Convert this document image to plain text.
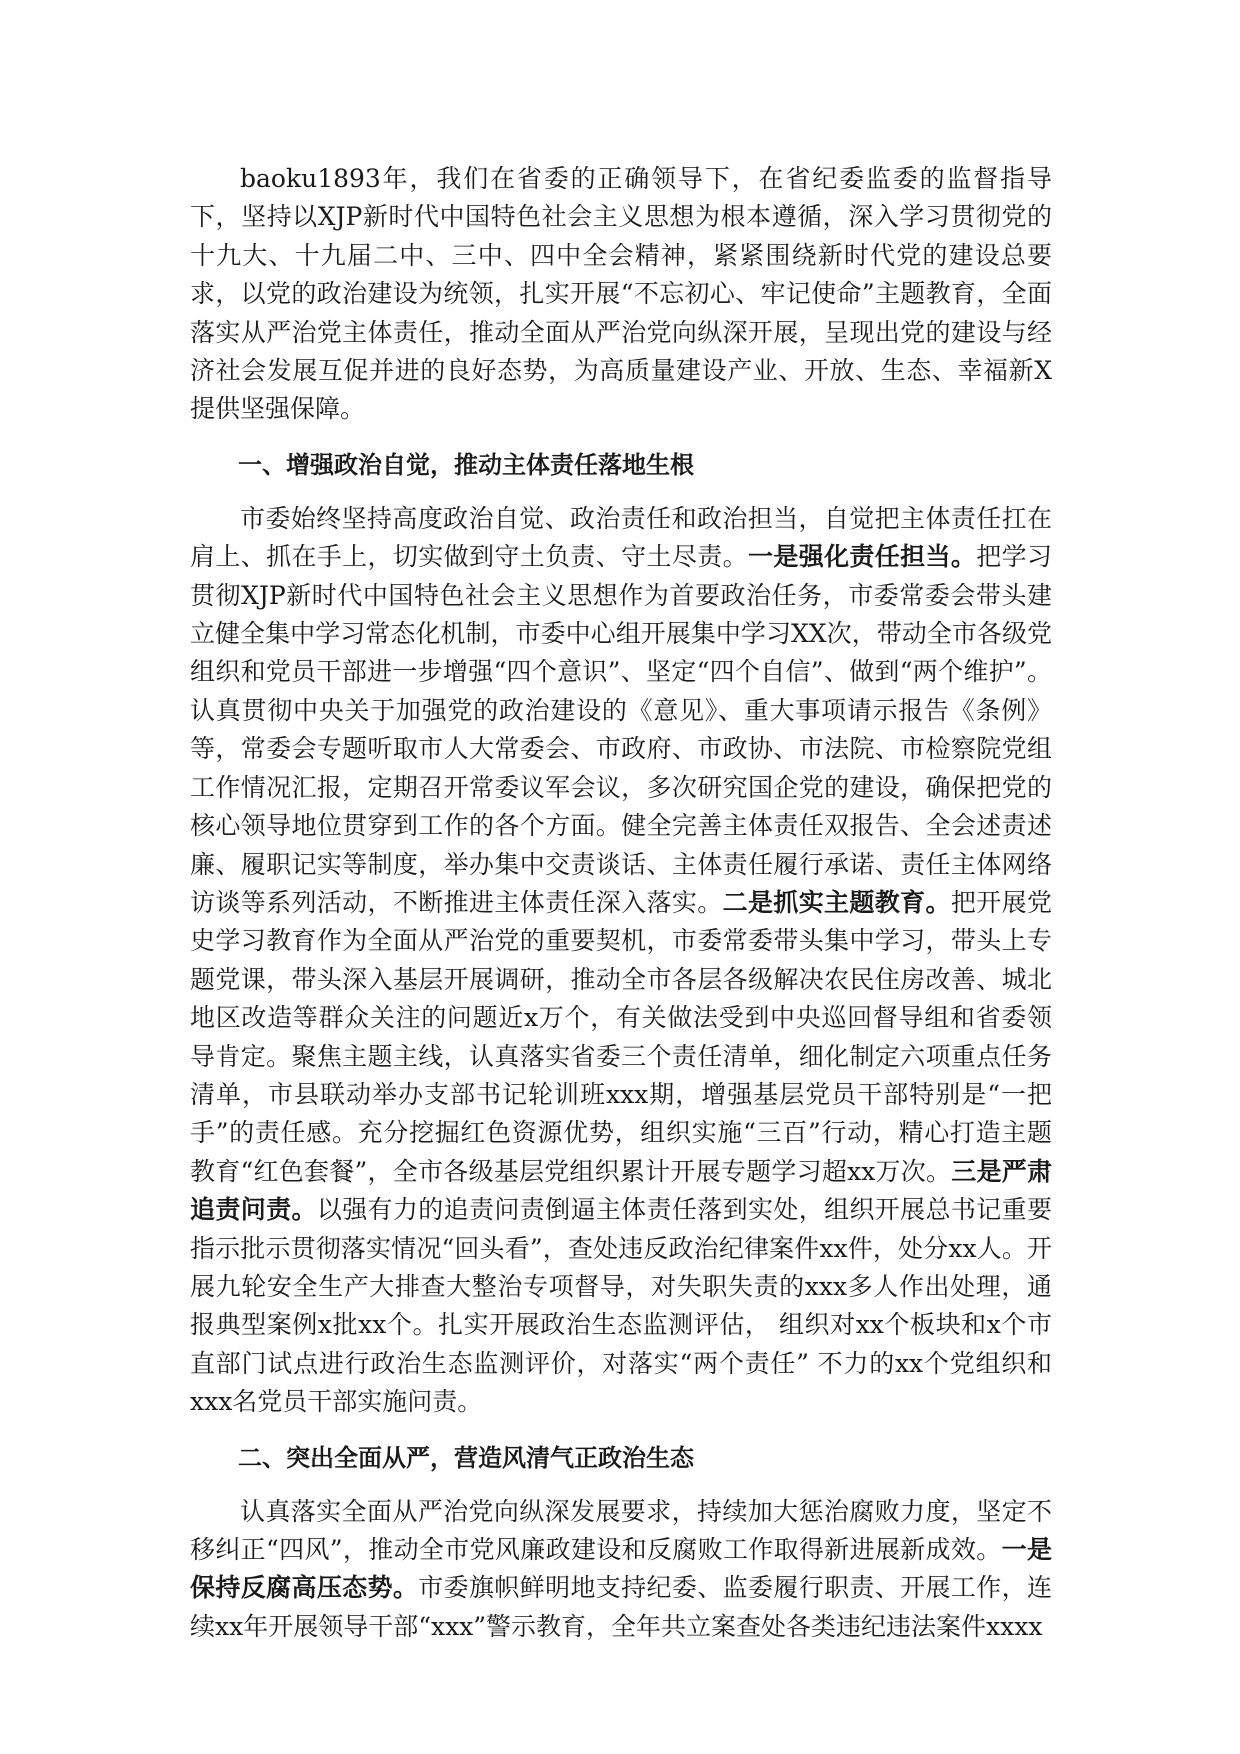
baoku1893年，我们在省委的正确领导下，在省纪委监委的监督指导下，坚持以XJP新时代中国特色社会主义思想为根本遵循，深入学习贯彻党的十九大、十九届二中、三中、四中全会精神，紧紧围绕新时代党的建设总要求，以党的政治建设为统领，扎实开展“不忘初心、牢记使命”主题教育，全面落实从严治党主体责任，推动全面从严治党向纵深开展，呈现出党的建设与经济社会发展互促并进的良好态势，为高质量建设产业、开放、生态、幸福新X提供坚强保障。

一、增强政治自觉，推动主体责任落地生根

市委始终坚持高度政治自觉、政治责任和政治担当，自觉把主体责任扛在肩上、抓在手上，切实做到守土负责、守土尽责。一是强化责任担当。把学习贯彻XJP新时代中国特色社会主义思想作为首要政治任务，市委常委会带头建立健全集中学习常态化机制，市委中心组开展集中学习XX次，带动全市各级党组织和党员干部进一步增强“四个意识”、坚定“四个自信”、做到“两个维护”。认真贯彻中央关于加强党的政治建设的《意见》、重大事项请示报告《条例》等，常委会专题听取市人大常委会、市政府、市政协、市法院、市检察院党组工作情况汇报，定期召开常委议军会议，多次研究国企党的建设，确保把党的核心领导地位贯穿到工作的各个方面。健全完善主体责任双报告、全会述责述廉、履职记实等制度，举办集中交责谈话、主体责任履行承诺、责任主体网络访谈等系列活动，不断推进主体责任深入落实。二是抓实主题教育。把开展党史学习教育作为全面从严治党的重要契机，市委常委带头集中学习，带头上专题党课，带头深入基层开展调研，推动全市各层各级解决农民住房改善、城北地区改造等群众关注的问题近x万个，有关做法受到中央巡回督导组和省委领导肯定。聚焦主题主线，认真落实省委三个责任清单，细化制定六项重点任务清单，市县联动举办支部书记轮训班xxx期，增强基层党员干部特别是“一把手”的责任感。充分挖掘红色资源优势，组织实施“三百”行动，精心打造主题教育“红色套餐”，全市各级基层党组织累计开展专题学习超xx万次。三是严肃追责问责。以强有力的追责问责倒逼主体责任落到实处，组织开展总书记重要指示批示贯彻落实情况“回头看”，查处违反政治纪律案件xx件，处分xx人。开展九轮安全生产大排查大整治专项督导，对失职失责的xxx多人作出处理，通报典型案例x批xx个。扎实开展政治生态监测评估， 组织对xx个板块和x个市直部门试点进行政治生态监测评价，对落实“两个责任” 不力的xx个党组织和xxx名党员干部实施问责。

二、突出全面从严，营造风清气正政治生态

认真落实全面从严治党向纵深发展要求，持续加大惩治腐败力度，坚定不移纠正“四风”，推动全市党风廉政建设和反腐败工作取得新进展新成效。一是保持反腐高压态势。市委旗帜鲜明地支持纪委、监委履行职责、开展工作，连续xx年开展领导干部“xxx”警示教育，全年共立案查处各类违纪违法案件xxxx
